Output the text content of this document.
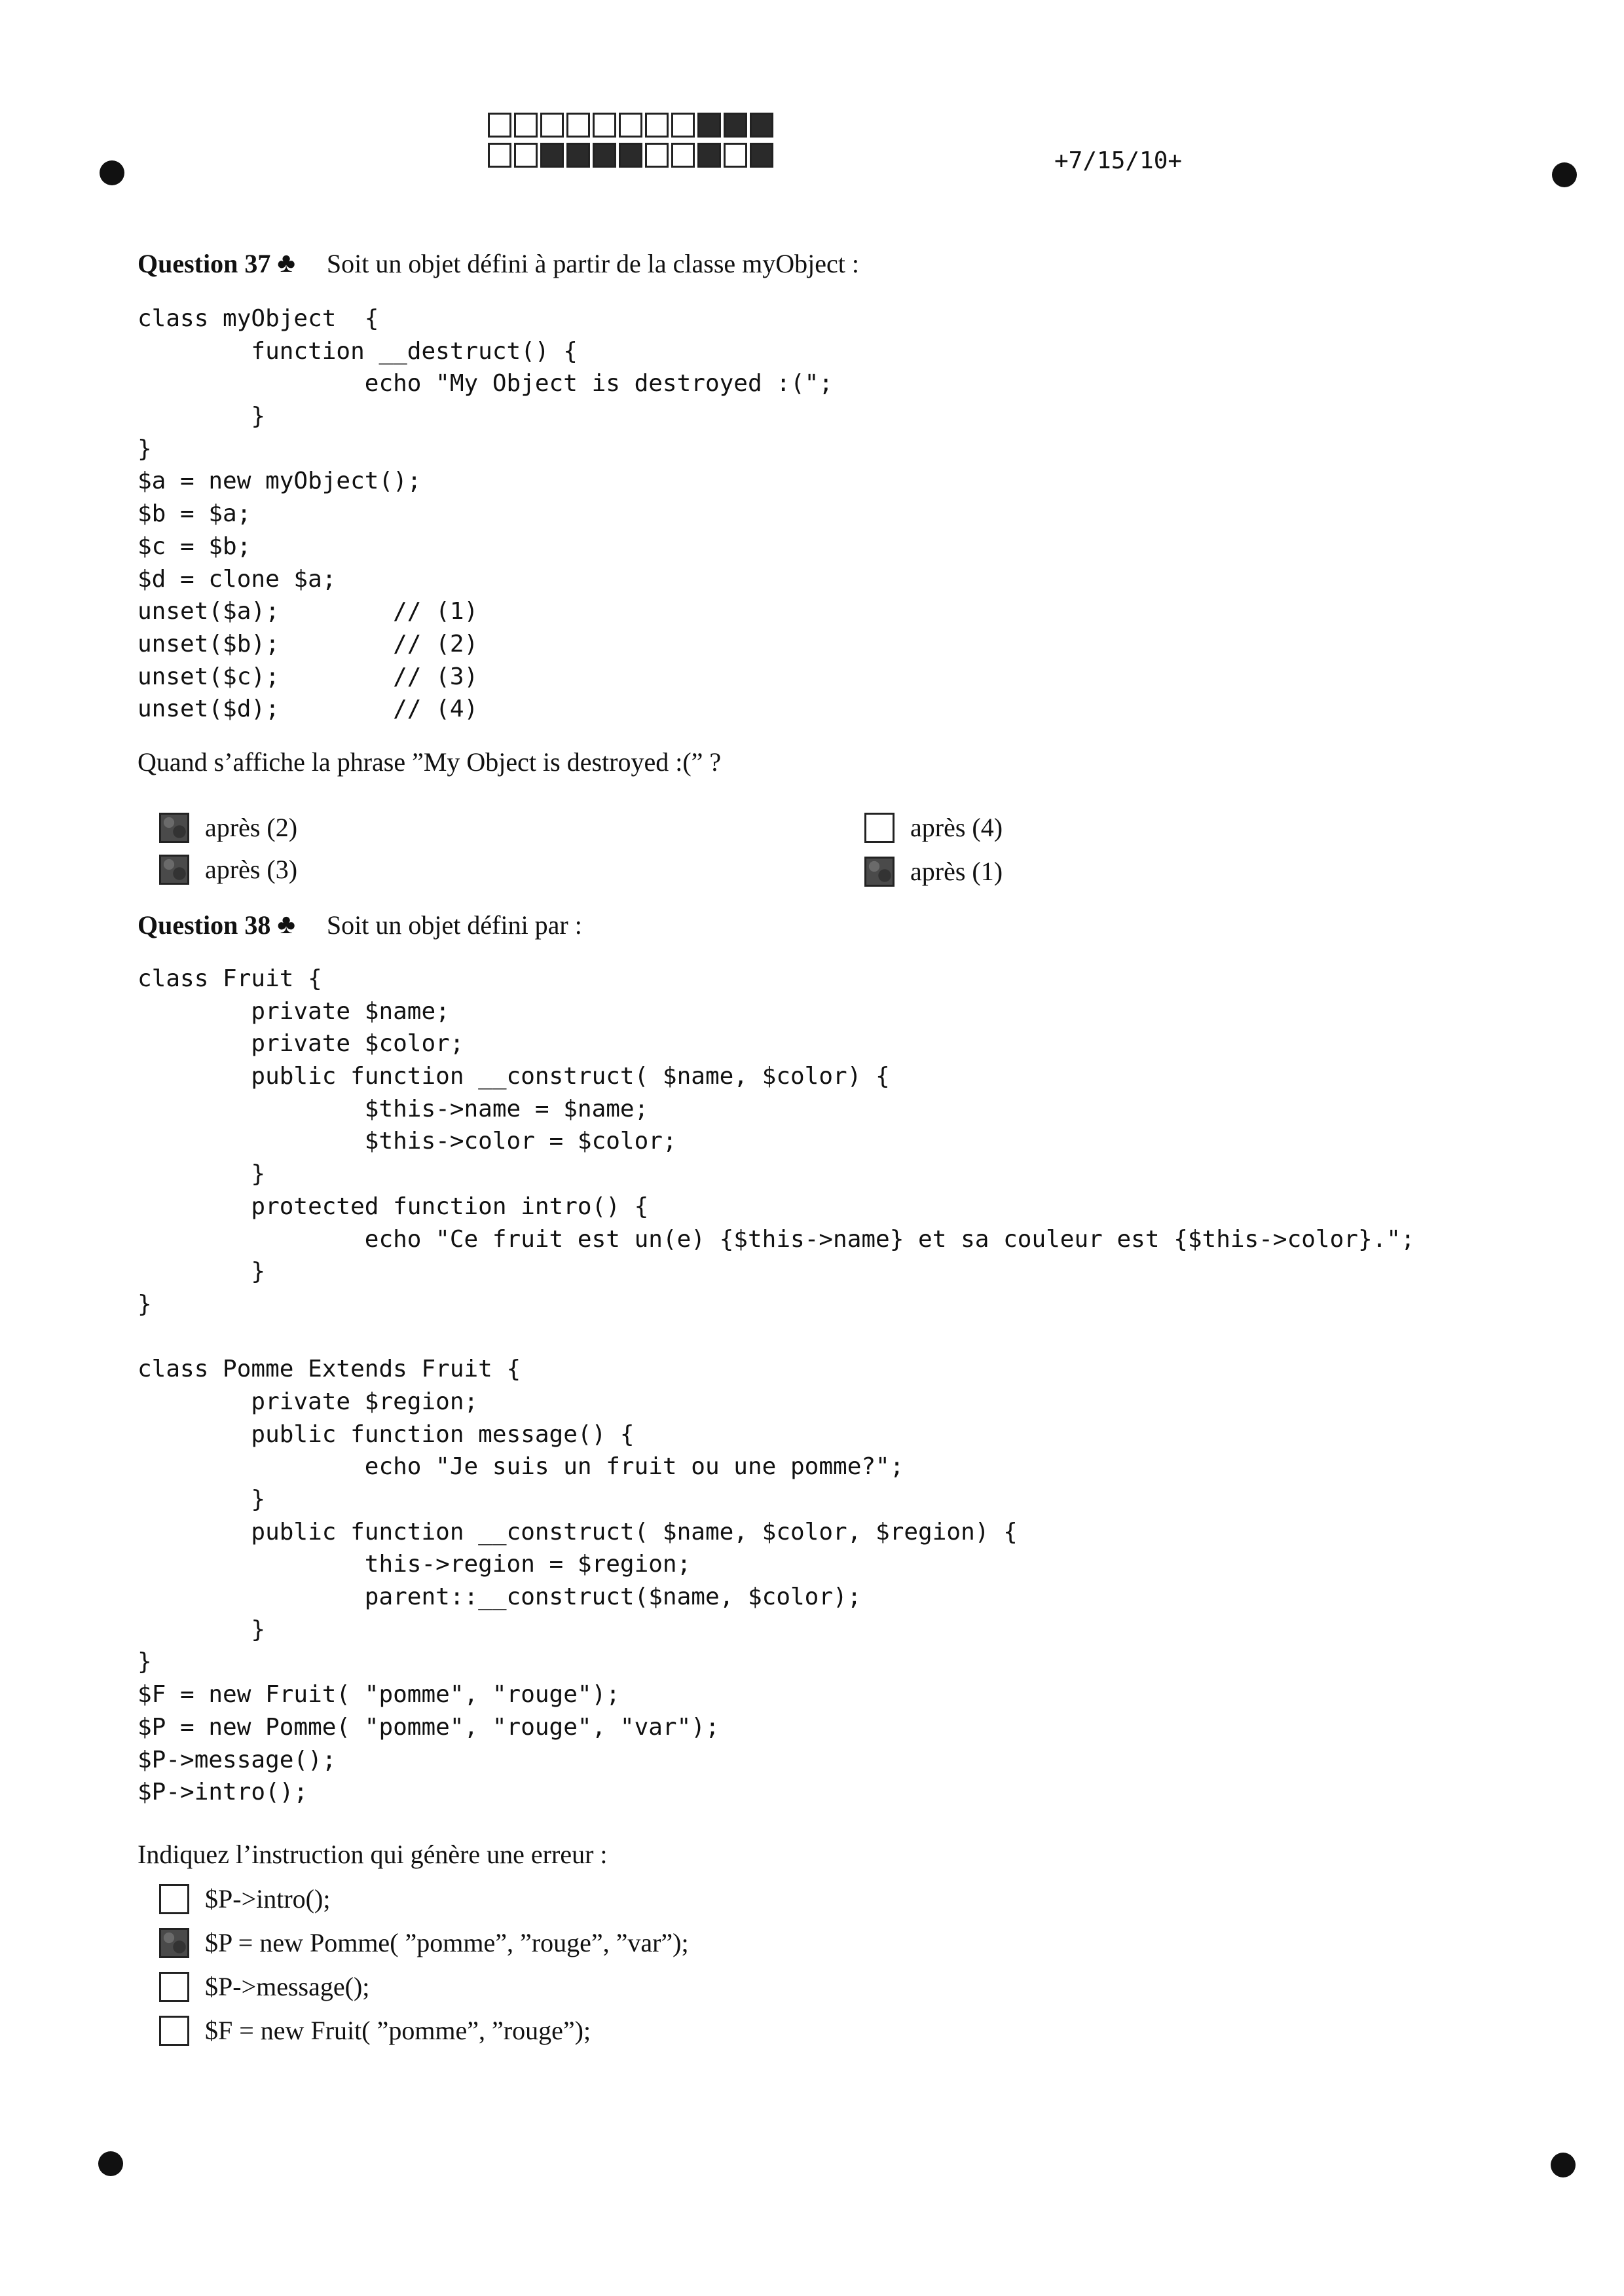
+7/15/10+
Question 37 ♣ Soit un objet défini à partir de la classe myObject :
class myObject  {
function __destruct() {
echo "My Object is destroyed :(";
}
}
$a = new myObject();
$b = $a;
$c = $b;
$d = clone $a;
unset($a);        // (1)
unset($b);        // (2)
unset($c);        // (3)
unset($d);        // (4)
Quand s’affiche la phrase ”My Object is destroyed :(” ?
après (2)
après (3)
après (4)
après (1)
Question 38 ♣ Soit un objet défini par :
class Fruit {
private $name;
private $color;
public function __construct( $name, $color) {
$this->name = $name;
$this->color = $color;
}
protected function intro() {
echo "Ce fruit est un(e) {$this->name} et sa couleur est {$this->color}.";
}
}
class Pomme Extends Fruit {
private $region;
public function message() {
echo "Je suis un fruit ou une pomme?";
}
public function __construct( $name, $color, $region) {
this->region = $region;
parent::__construct($name, $color);
}
}
$F = new Fruit( "pomme", "rouge");
$P = new Pomme( "pomme", "rouge", "var");
$P->message();
$P->intro();
Indiquez l’instruction qui génère une erreur :
$P->intro();
$P = new Pomme( ”pomme”, ”rouge”, ”var”);
$P->message();
$F = new Fruit( ”pomme”, ”rouge”);
